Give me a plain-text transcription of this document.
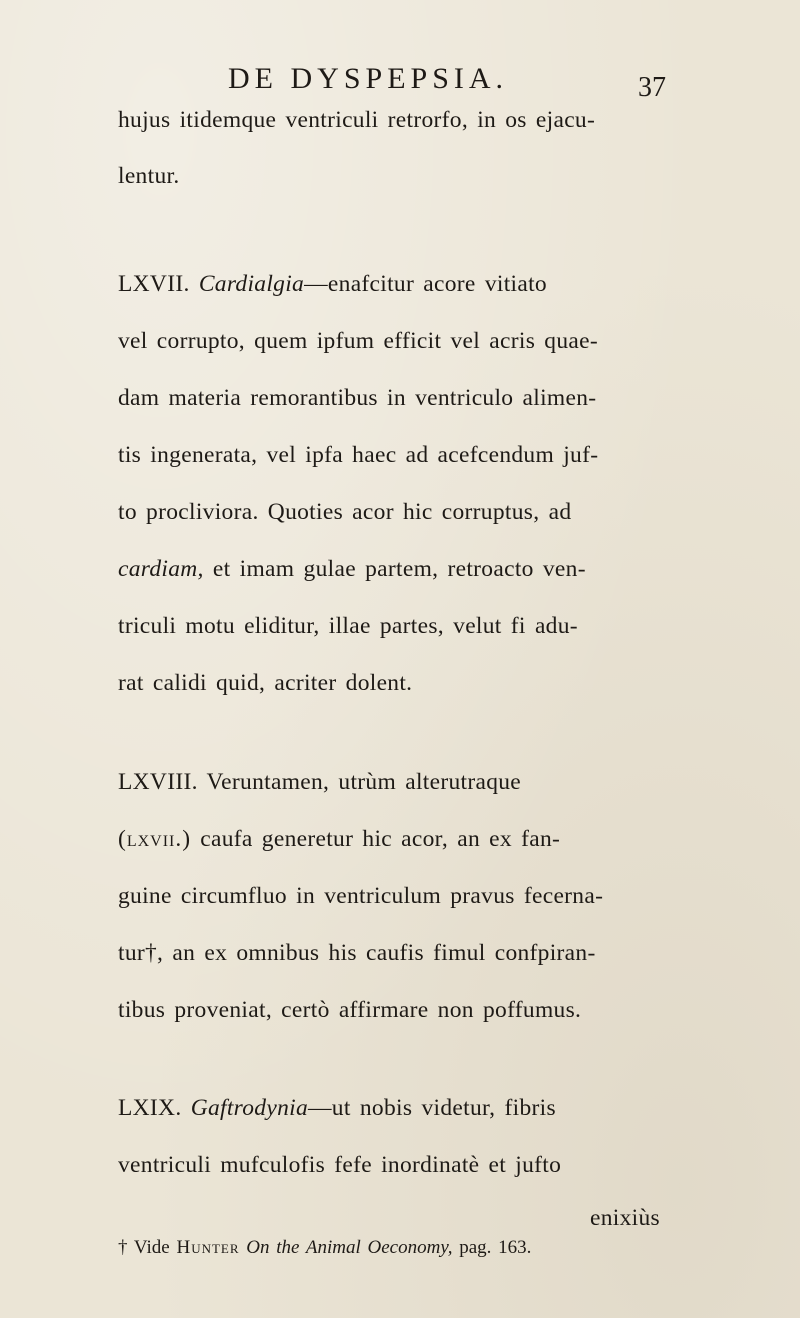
DE DYSPEPSIA.	37
hujus itidemque ventriculi retrorfo, in os ejacu-
lentur.
LXVII. Cardialgia—enafcitur acore vitiato
vel corrupto, quem ipfum efficit vel acris quae-
dam materia remorantibus in ventriculo alimen-
tis ingenerata, vel ipfa haec ad acefcendum juf-
to procliviora. Quoties acor hic corruptus, ad
cardiam, et imam gulae partem, retroacto ven-
triculi motu eliditur, illae partes, velut fi adu-
rat calidi quid, acriter dolent.
LXVIII. Veruntamen, utrùm alterutraque
(lxvii.) caufa generetur hic acor, an ex fan-
guine circumfluo in ventriculum pravus fecerna-
tur†, an ex omnibus his caufis fimul confpiran-
tibus proveniat, certò affirmare non poffumus.
LXIX. Gaftrodynia—ut nobis videtur, fibris
ventriculi mufculofis fefe inordinatè et jufto
enixiùs
† Vide Hunter On the Animal Oeconomy, pag. 163.
